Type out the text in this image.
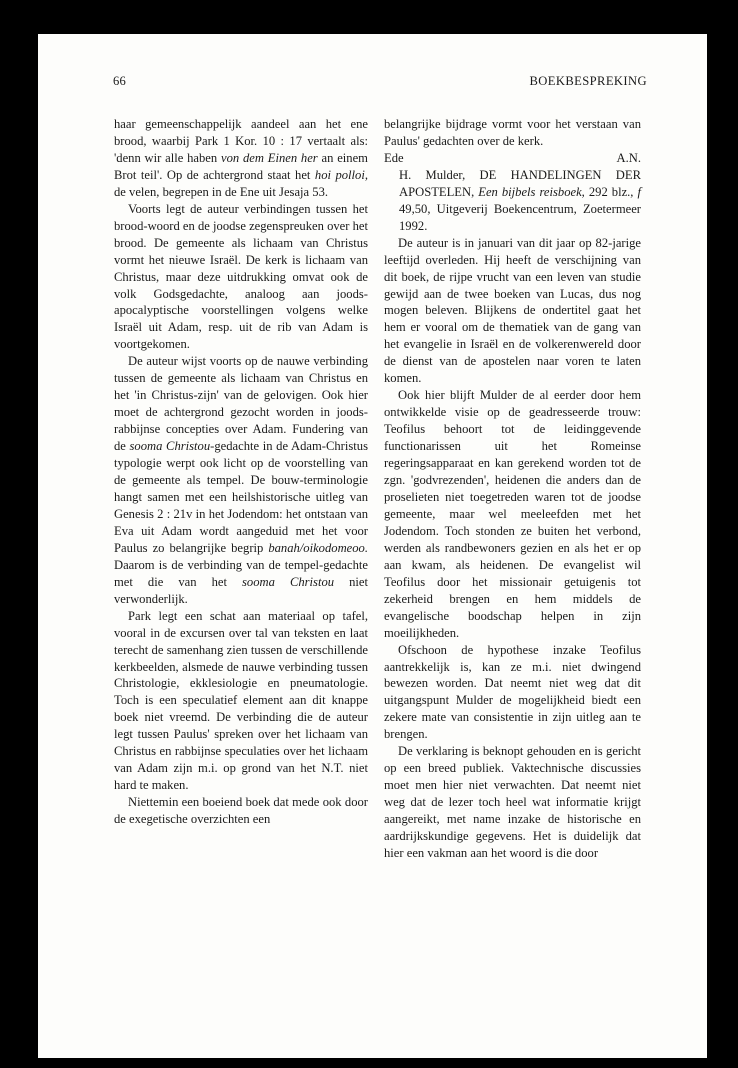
66	BOEKBESPREKING

haar gemeenschappelijk aandeel aan het ene brood, waarbij Park 1 Kor. 10 : 17 vertaalt als: 'denn wir alle haben von dem Einen her an einem Brot teil'. Op de achtergrond staat het hoi polloi, de velen, begrepen in de Ene uit Jesaja 53.

Voorts legt de auteur verbindingen tussen het brood-woord en de joodse zegenspreuken over het brood. De gemeente als lichaam van Christus vormt het nieuwe Israël. De kerk is lichaam van Christus, maar deze uitdrukking omvat ook de volk Godsgedachte, analoog aan joods-apocalyptische voorstellingen volgens welke Israël uit Adam, resp. uit de rib van Adam is voortgekomen.

De auteur wijst voorts op de nauwe verbinding tussen de gemeente als lichaam van Christus en het 'in Christus-zijn' van de gelovigen. Ook hier moet de achtergrond gezocht worden in joods-rabbijnse concepties over Adam. Fundering van de sooma Christou-gedachte in de Adam-Christus typologie werpt ook licht op de voorstelling van de gemeente als tempel. De bouw-terminologie hangt samen met een heilshistorische uitleg van Genesis 2 : 21v in het Jodendom: het ontstaan van Eva uit Adam wordt aangeduid met het voor Paulus zo belangrijke begrip banah/oikodomeoo. Daarom is de verbinding van de tempel-gedachte met die van het sooma Christou niet verwonderlijk.

Park legt een schat aan materiaal op tafel, vooral in de excursen over tal van teksten en laat terecht de samenhang zien tussen de verschillende kerkbeelden, alsmede de nauwe verbinding tussen Christologie, ekklesiologie en pneumatologie. Toch is een speculatief element aan dit knappe boek niet vreemd. De verbinding die de auteur legt tussen Paulus' spreken over het lichaam van Christus en rabbijnse speculaties over het lichaam van Adam zijn m.i. op grond van het N.T. niet hard te maken.

Niettemin een boeiend boek dat mede ook door de exegetische overzichten een

belangrijke bijdrage vormt voor het verstaan van Paulus' gedachten over de kerk.

Ede	A.N.

H. Mulder, DE HANDELINGEN DER APOSTELEN, Een bijbels reisboek, 292 blz., f 49,50, Uitgeverij Boekencentrum, Zoetermeer 1992.

De auteur is in januari van dit jaar op 82-jarige leeftijd overleden. Hij heeft de verschijning van dit boek, de rijpe vrucht van een leven van studie gewijd aan de twee boeken van Lucas, dus nog mogen beleven. Blijkens de ondertitel gaat het hem er vooral om de thematiek van de gang van het evangelie in Israël en de volkerenwereld door de dienst van de apostelen naar voren te laten komen.

Ook hier blijft Mulder de al eerder door hem ontwikkelde visie op de geadresseerde trouw: Teofilus behoort tot de leidinggevende functionarissen uit het Romeinse regeringsapparaat en kan gerekend worden tot de zgn. 'godvrezenden', heidenen die anders dan de proselieten niet toegetreden waren tot de joodse gemeente, maar wel meeleefden met het Jodendom. Toch stonden ze buiten het verbond, werden als randbewoners gezien en als het er op aan kwam, als heidenen. De evangelist wil Teofilus door het missionair getuigenis tot zekerheid brengen en hem middels de evangelische boodschap helpen in zijn moeilijkheden.

Ofschoon de hypothese inzake Teofilus aantrekkelijk is, kan ze m.i. niet dwingend bewezen worden. Dat neemt niet weg dat dit uitgangspunt Mulder de mogelijkheid biedt een zekere mate van consistentie in zijn uitleg aan te brengen.

De verklaring is beknopt gehouden en is gericht op een breed publiek. Vaktechnische discussies moet men hier niet verwachten. Dat neemt niet weg dat de lezer toch heel wat informatie krijgt aangereikt, met name inzake de historische en aardrijkskundige gegevens. Het is duidelijk dat hier een vakman aan het woord is die door
